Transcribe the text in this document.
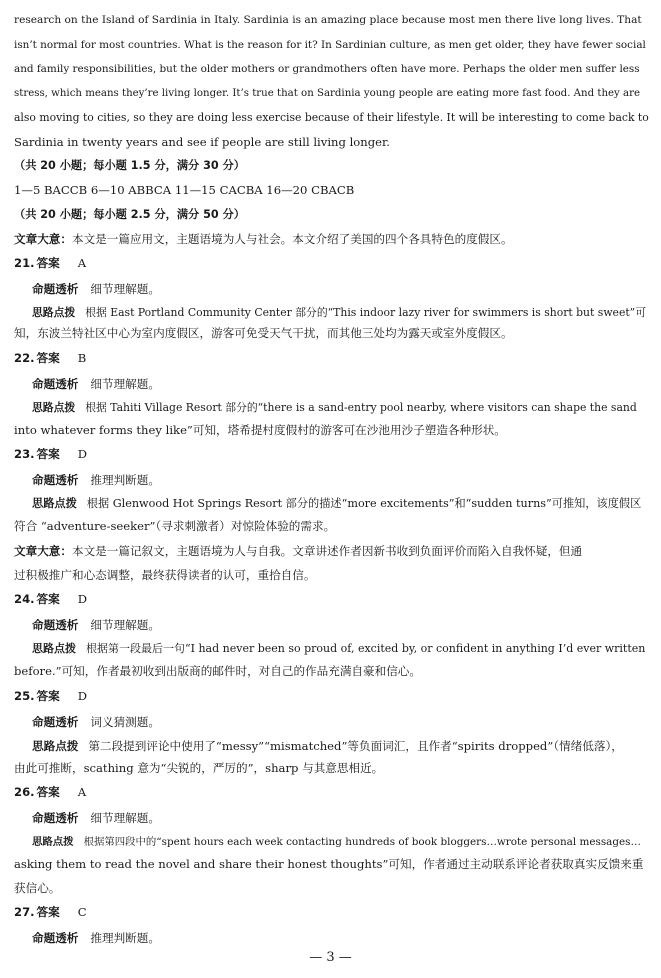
research on the Island of Sardinia in Italy. Sardinia is an amazing place because most men there live long lives. That
isn’t normal for most countries. What is the reason for it? In Sardinian culture, as men get older, they have fewer social
and family responsibilities, but the older mothers or grandmothers often have more. Perhaps the older men suffer less
stress, which means they’re living longer. It’s true that on Sardinia young people are eating more fast food. And they are
also moving to cities, so they are doing less exercise because of their lifestyle. It will be interesting to come back to
Sardinia in twenty years and see if people are still living longer.
（共 20 小题；每小题 1.5 分，满分 30 分）
1—5 BACCB 6—10 ABBCA 11—15 CACBA 16—20 CBACB
（共 20 小题；每小题 2.5 分，满分 50 分）
文章大意：本文是一篇应用文，主题语境为人与社会。本文介绍了美国的四个各具特色的度假区。
21. 答案 A
命题透析 细节理解题。
思路点拨 根据 East Portland Community Center 部分的“This indoor lazy river for swimmers is short but sweet”可
知，东波兰特社区中心为室内度假区，游客可免受天气干扰，而其他三处均为露天或室外度假区。
22. 答案 B
命题透析 细节理解题。
思路点拨 根据 Tahiti Village Resort 部分的“there is a sand-entry pool nearby, where visitors can shape the sand
into whatever forms they like”可知，塔希提村度假村的游客可在沙池用沙子塑造各种形状。
23. 答案 D
命题透析 推理判断题。
思路点拨 根据 Glenwood Hot Springs Resort 部分的描述“more excitements”和“sudden turns”可推知，该度假区
符合 “adventure-seeker”（寻求刺激者）对惊险体验的需求。
文章大意：本文是一篇记叙文，主题语境为人与自我。文章讲述作者因新书收到负面评价而陷入自我怀疑，但通
过积极推广和心态调整，最终获得读者的认可，重拾自信。
24. 答案 D
命题透析 细节理解题。
思路点拨 根据第一段最后一句“I had never been so proud of, excited by, or confident in anything I’d ever written
before.”可知，作者最初收到出版商的邮件时，对自己的作品充满自豪和信心。
25. 答案 D
命题透析 词义猜测题。
思路点拨 第二段提到评论中使用了“messy”“mismatched”等负面词汇，且作者“spirits dropped”（情绪低落），
由此可推断，scathing 意为“尖锐的，严厉的”，sharp 与其意思相近。
26. 答案 A
命题透析 细节理解题。
思路点拨 根据第四段中的“spent hours each week contacting hundreds of book bloggers…wrote personal messages…
asking them to read the novel and share their honest thoughts”可知，作者通过主动联系评论者获取真实反馈来重
获信心。
27. 答案 C
命题透析 推理判断题。
— 3 —
